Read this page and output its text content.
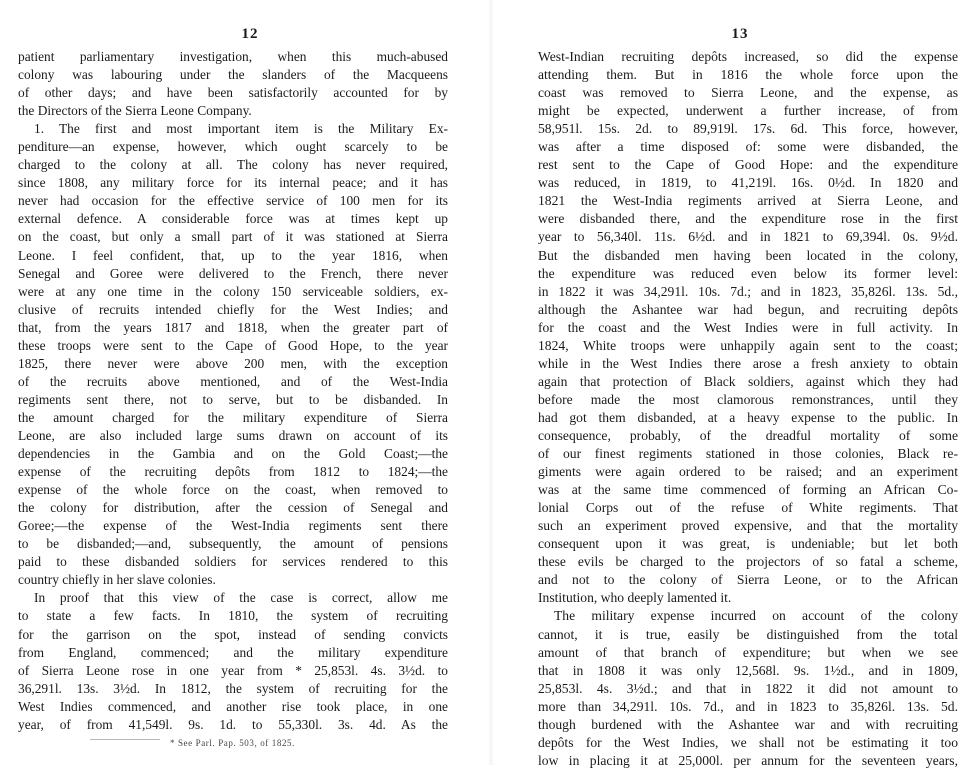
12

patient parliamentary investigation, when this much-abused
colony was labouring under the slanders of the Macqueens
of other days; and have been satisfactorily accounted for by
the Directors of the Sierra Leone Company.
1. The first and most important item is the Military Ex-
penditure—an expense, however, which ought scarcely to be
charged to the colony at all. The colony has never required,
since 1808, any military force for its internal peace; and it has
never had occasion for the effective service of 100 men for its
external defence. A considerable force was at times kept up
on the coast, but only a small part of it was stationed at Sierra
Leone. I feel confident, that, up to the year 1816, when
Senegal and Goree were delivered to the French, there never
were at any one time in the colony 150 serviceable soldiers, ex-
clusive of recruits intended chiefly for the West Indies; and
that, from the years 1817 and 1818, when the greater part of
these troops were sent to the Cape of Good Hope, to the year
1825, there never were above 200 men, with the exception
of the recruits above mentioned, and of the West-India
regiments sent there, not to serve, but to be disbanded. In
the amount charged for the military expenditure of Sierra
Leone, are also included large sums drawn on account of its
dependencies in the Gambia and on the Gold Coast;—the
expense of the recruiting depôts from 1812 to 1824;—the
expense of the whole force on the coast, when removed to
the colony for distribution, after the cession of Senegal and
Goree;—the expense of the West-India regiments sent there
to be disbanded;—and, subsequently, the amount of pensions
paid to these disbanded soldiers for services rendered to this
country chiefly in her slave colonies.
In proof that this view of the case is correct, allow me
to state a few facts. In 1810, the system of recruiting
for the garrison on the spot, instead of sending convicts
from England, commenced; and the military expenditure
of Sierra Leone rose in one year from * 25,853l. 4s. 3½d. to
36,291l. 13s. 3½d. In 1812, the system of recruiting for the
West Indies commenced, and another rise took place, in one
year, of from 41,549l. 9s. 1d. to 55,330l. 3s. 4d. As the

* See Parl. Pap. 503, of 1825.
13

West-Indian recruiting depôts increased, so did the expense
attending them. But in 1816 the whole force upon the
coast was removed to Sierra Leone, and the expense, as
might be expected, underwent a further increase, of from
58,951l. 15s. 2d. to 89,919l. 17s. 6d. This force, however,
was after a time disposed of: some were disbanded, the
rest sent to the Cape of Good Hope: and the expenditure
was reduced, in 1819, to 41,219l. 16s. 0½d. In 1820 and
1821 the West-India regiments arrived at Sierra Leone, and
were disbanded there, and the expenditure rose in the first
year to 56,340l. 11s. 6½d. and in 1821 to 69,394l. 0s. 9½d.
But the disbanded men having been located in the colony,
the expenditure was reduced even below its former level:
in 1822 it was 34,291l. 10s. 7d.; and in 1823, 35,826l. 13s. 5d.,
although the Ashantee war had begun, and recruiting depôts
for the coast and the West Indies were in full activity. In
1824, White troops were unhappily again sent to the coast;
while in the West Indies there arose a fresh anxiety to obtain
again that protection of Black soldiers, against which they had
before made the most clamorous remonstrances, until they
had got them disbanded, at a heavy expense to the public. In
consequence, probably, of the dreadful mortality of some
of our finest regiments stationed in those colonies, Black re-
giments were again ordered to be raised; and an experiment
was at the same time commenced of forming an African Co-
lonial Corps out of the refuse of White regiments. That
such an experiment proved expensive, and that the mortality
consequent upon it was great, is undeniable; but let both
these evils be charged to the projectors of so fatal a scheme,
and not to the colony of Sierra Leone, or to the African
Institution, who deeply lamented it.
The military expense incurred on account of the colony
cannot, it is true, easily be distinguished from the total
amount of that branch of expenditure; but when we see
that in 1808 it was only 12,568l. 9s. 1½d., and in 1809,
25,853l. 4s. 3½d.; and that in 1822 it did not amount to
more than 34,291l. 10s. 7d., and in 1823 to 35,826l. 13s. 5d.
though burdened with the Ashantee war and with recruiting
depôts for the West Indies, we shall not be estimating it too
low in placing it at 25,000l. per annum for the seventeen years,
